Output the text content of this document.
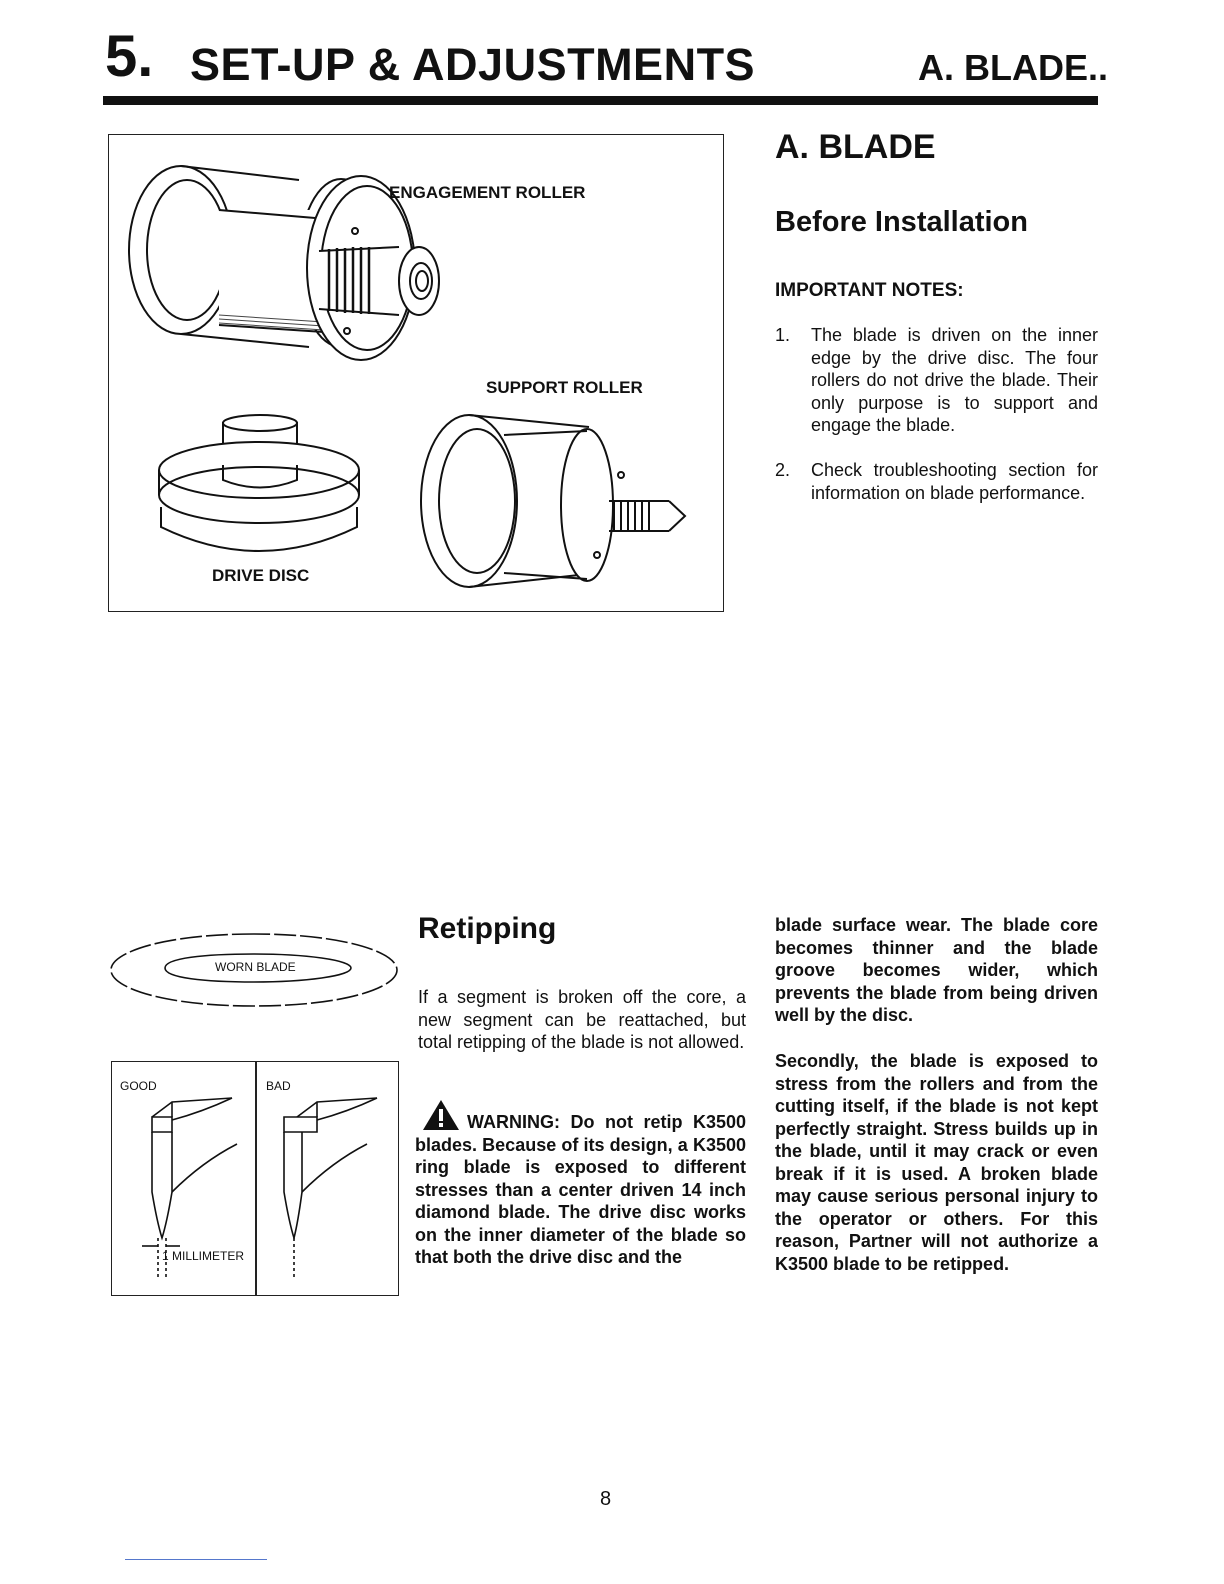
5. SET-UP & ADJUSTMENTS	A. BLADE..
ENGAGEMENT ROLLER
SUPPORT ROLLER
DRIVE DISC
A. BLADE
Before Installation
IMPORTANT NOTES:
1. The blade is driven on the inner edge by the drive disc. The four rollers do not drive the blade. Their only purpose is to support and engage the blade.
2. Check troubleshooting section for information on blade performance.
WORN BLADE
GOOD	BAD
1 MILLIMETER
Retipping
If a segment is broken off the core, a new segment can be reattached, but total retipping of the blade is not allowed.
WARNING: Do not retip K3500 blades. Because of its design, a K3500 ring blade is exposed to different stresses than a center driven 14 inch diamond blade. The drive disc works on the inner diameter of the blade so that both the drive disc and the
blade surface wear. The blade core becomes thinner and the blade groove becomes wider, which prevents the blade from being driven well by the disc.
Secondly, the blade is exposed to stress from the rollers and from the cutting itself, if the blade is not kept perfectly straight. Stress builds up in the blade, until it may crack or even break if it is used. A broken blade may cause serious personal injury to the operator or others. For this reason, Partner will not authorize a K3500 blade to be retipped.
8
